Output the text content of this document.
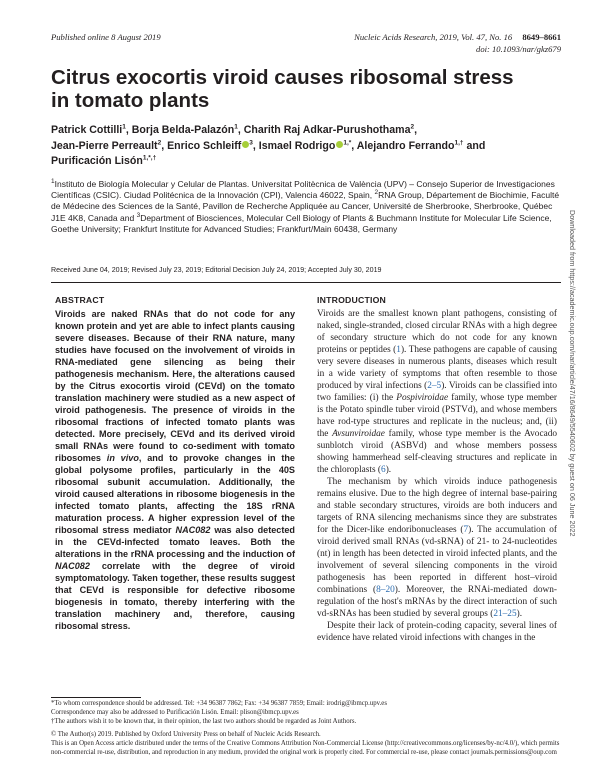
Published online 8 August 2019	Nucleic Acids Research, 2019, Vol. 47, No. 16 8649–8661
doi: 10.1093/nar/gkz679
Citrus exocortis viroid causes ribosomal stress in tomato plants
Patrick Cottilli$^1$, Borja Belda-Palazón$^1$, Charith Raj Adkar-Purushothama$^2$,
Jean-Pierre Perreault$^2$, Enrico Schleiff $^3$, Ismael Rodrigo $^{1,*}$, Alejandro Ferrando$^{1,\dagger}$ and
Purificación Lisón$^{1,*,\dagger}$
$^1$Instituto de Biología Molecular y Celular de Plantas. Universitat Politècnica de València (UPV) – Consejo Superior de Investigaciones Científicas (CSIC). Ciudad Politécnica de la Innovación (CPI), Valencia 46022, Spain, $^2$RNA Group, Département de Biochimie, Faculté de Médecine des Sciences de la Santé, Pavillon de Recherche Appliquée au Cancer, Université de Sherbrooke, Sherbrooke, Québec J1E 4K8, Canada and $^3$Department of Biosciences, Molecular Cell Biology of Plants & Buchmann Institute for Molecular Life Science, Goethe University; Frankfurt Institute for Advanced Studies; Frankfurt/Main 60438, Germany
Received June 04, 2019; Revised July 23, 2019; Editorial Decision July 24, 2019; Accepted July 30, 2019	Downloaded from https://academic.oup.com/nar/article/47/16/8649/5540602 by guest on 06 June 2022
ABSTRACT
Viroids are naked RNAs that do not code for any known protein and yet are able to infect plants causing severe diseases. Because of their RNA nature, many studies have focused on the involvement of viroids in RNA-mediated gene silencing as being their pathogenesis mechanism. Here, the alterations caused by the Citrus exocortis viroid (CEVd) on the tomato translation machinery were studied as a new aspect of viroid pathogenesis. The presence of viroids in the ribosomal fractions of infected tomato plants was detected. More precisely, CEVd and its derived viroid small RNAs were found to co-sediment with tomato ribosomes in vivo, and to provoke changes in the global polysome profiles, particularly in the 40S ribosomal subunit accumulation. Additionally, the viroid caused alterations in ribosome biogenesis in the infected tomato plants, affecting the 18S rRNA maturation process. A higher expression level of the ribosomal stress mediator NAC082 was also detected in the CEVd-infected tomato leaves. Both the alterations in the rRNA processing and the induction of NAC082 correlate with the degree of viroid symptomatology. Taken together, these results suggest that CEVd is responsible for defective ribosome biogenesis in tomato, thereby interfering with the translation machinery and, therefore, causing ribosomal stress.
INTRODUCTION

Viroids are the smallest known plant pathogens, consisting of naked, single-stranded, closed circular RNAs with a high degree of secondary structure which do not code for any known proteins or peptides (1). These pathogens are capable of causing very severe diseases in numerous plants, diseases which result in a wide variety of symptoms that often resemble to those produced by viral infections (2–5). Viroids can be classified into two families: (i) the Pospiviroidae family, whose type member is the Potato spindle tuber viroid (PSTVd), and whose members have rod-type structures and replicate in the nucleus; and, (ii) the Avsunviroidae family, whose type member is the Avocado sunblotch viroid (ASBVd) and whose members possess showing hammerhead self-cleaving structures and replicate in the chloroplasts (6).

The mechanism by which viroids induce pathogenesis remains elusive. Due to the high degree of internal base-pairing and stable secondary structures, viroids are both inducers and targets of RNA silencing mechanisms since they are substrates for the Dicer-like endoribonucleases (7). The accumulation of viroid derived small RNAs (vd-sRNA) of 21- to 24-nucleotides (nt) in length has been detected in viroid infected plants, and the involvement of several silencing components in the viroid pathogenesis has been reported in different host–viroid combinations (8–20). Moreover, the RNAi-mediated down-regulation of the host's mRNAs by the direct interaction of such vd-sRNAs has been studied by several groups (21–25).

Despite their lack of protein-coding capacity, several lines of evidence have related viroid infections with changes in the

*To whom correspondence should be addressed. Tel: +34 96387 7862; Fax: +34 96387 7859; Email: irodrig@ibmcp.upv.es
Correspondence may also be addressed to Purificación Lisón. Email: plison@ibmcp.upv.es
†The authors wish it to be known that, in their opinion, the last two authors should be regarded as Joint Authors.
© The Author(s) 2019. Published by Oxford University Press on behalf of Nucleic Acids Research.
This is an Open Access article distributed under the terms of the Creative Commons Attribution Non-Commercial License (http://creativecommons.org/licenses/by-nc/4.0/), which permits non-commercial re-use, distribution, and reproduction in any medium, provided the original work is properly cited. For commercial re-use, please contact journals.permissions@oup.com
